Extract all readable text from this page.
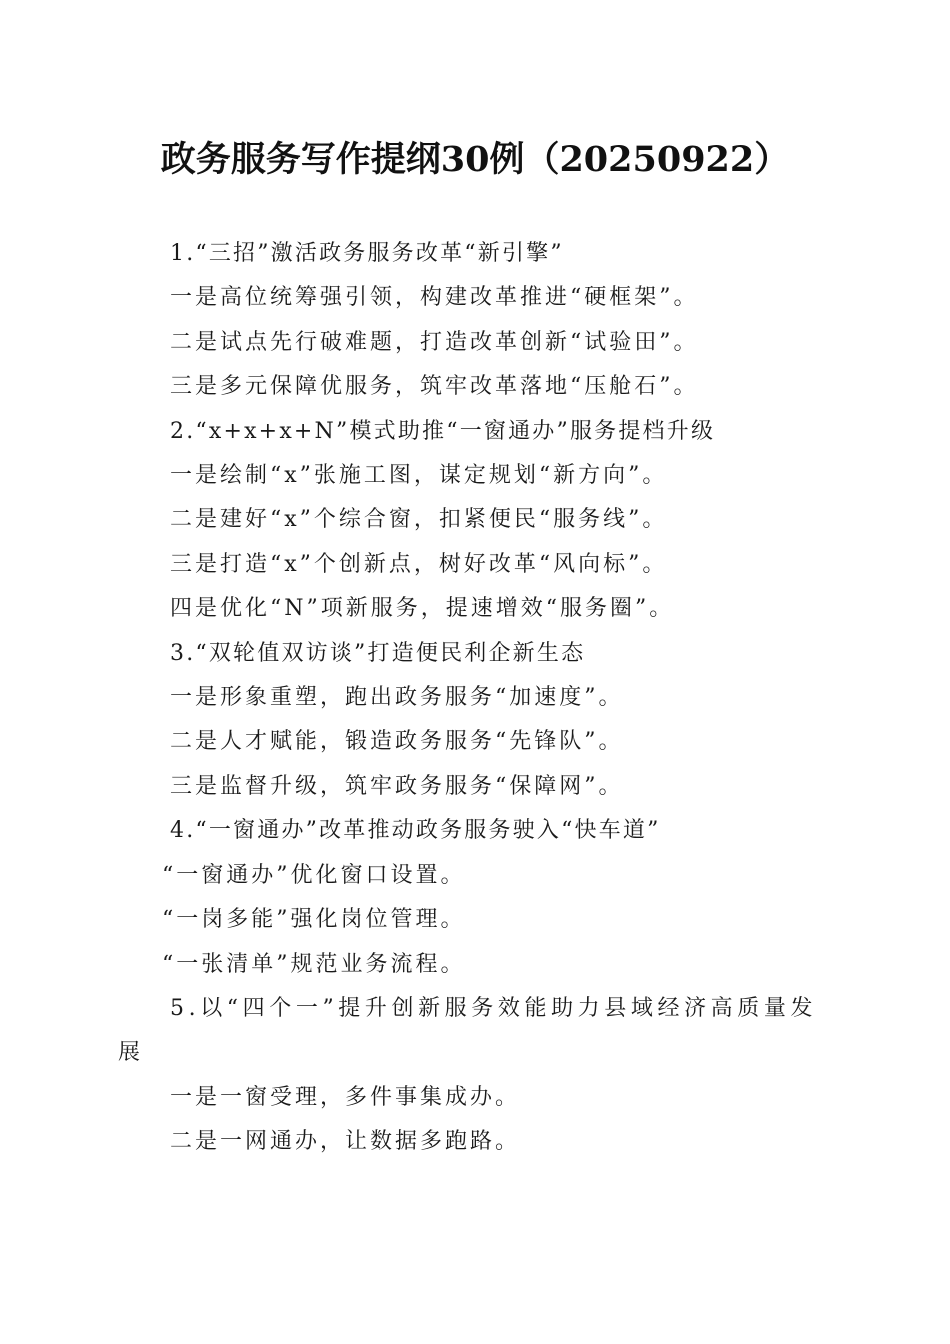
政务服务写作提纲30例（20250922）

1.“三招”激活政务服务改革“新引擎”

一是高位统筹强引领，构建改革推进“硬框架”。

二是试点先行破难题，打造改革创新“试验田”。

三是多元保障优服务，筑牢改革落地“压舱石”。

2.“x+x+x+N”模式助推“一窗通办”服务提档升级

一是绘制“x”张施工图，谋定规划“新方向”。

二是建好“x”个综合窗，扣紧便民“服务线”。

三是打造“x”个创新点，树好改革“风向标”。

四是优化“N”项新服务，提速增效“服务圈”。

3.“双轮值双访谈”打造便民利企新生态

一是形象重塑，跑出政务服务“加速度”。

二是人才赋能，锻造政务服务“先锋队”。

三是监督升级，筑牢政务服务“保障网”。

4.“一窗通办”改革推动政务服务驶入“快车道”

“一窗通办”优化窗口设置。

“一岗多能”强化岗位管理。

“一张清单”规范业务流程。

5.以“四个一”提升创新服务效能助力县域经济高质量发展

一是一窗受理，多件事集成办。

二是一网通办，让数据多跑路。
